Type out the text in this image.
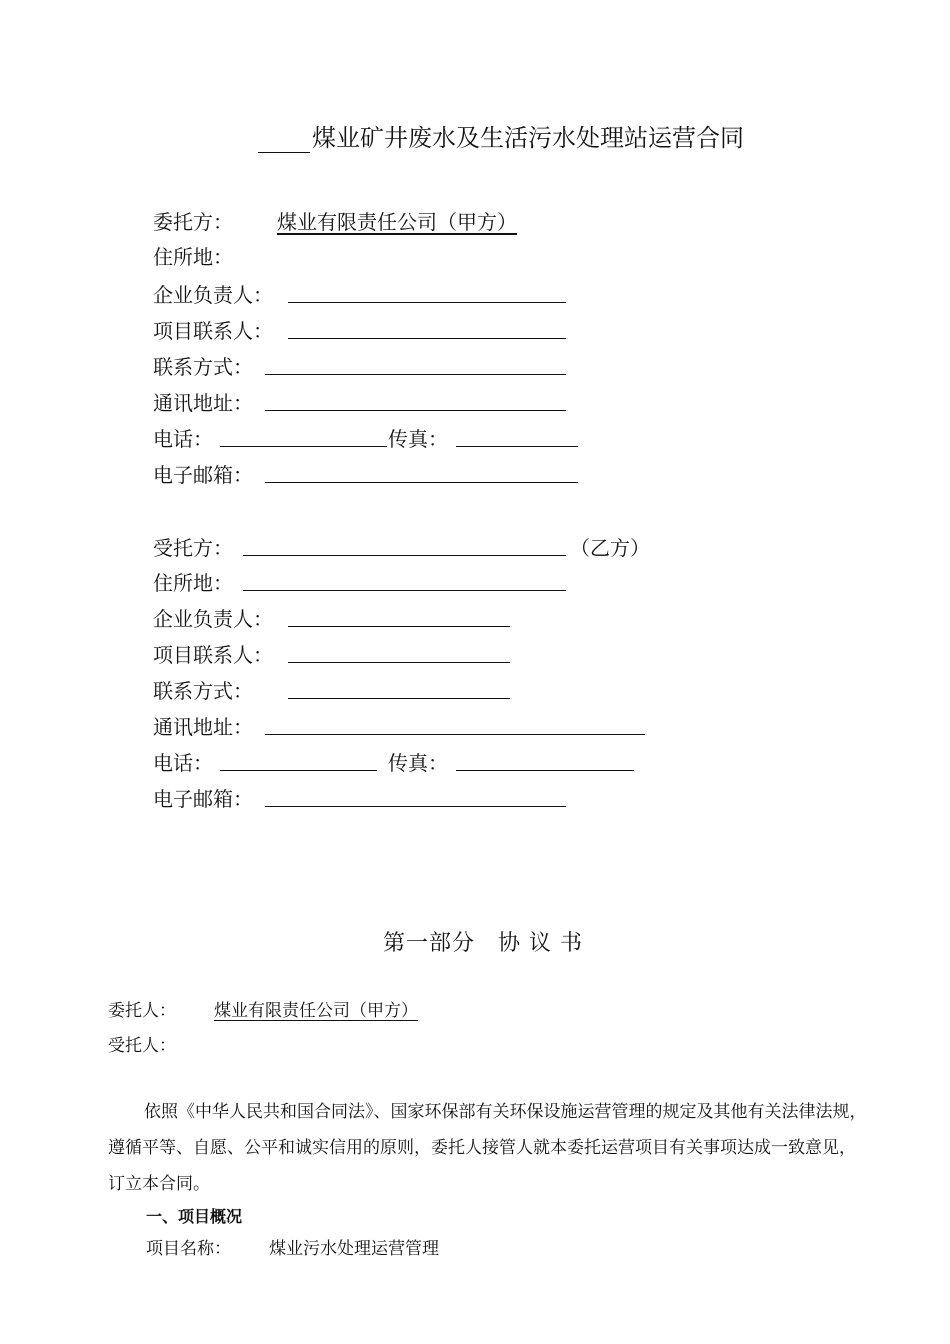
煤业矿井废水及生活污水处理站运营合同
委托方： 煤业有限责任公司（甲方）
住所地：
企业负责人：
项目联系人：
联系方式：
通讯地址：
电话：	传真：
电子邮箱：
受托方：	（乙方）
住所地：
企业负责人：
项目联系人：
联系方式：
通讯地址：
电话：	传真：
电子邮箱：
第一部分　协 议 书
委托人： 煤业有限责任公司（甲方）
受托人：
依照《中华人民共和国合同法》、国家环保部有关环保设施运营管理的规定及其他有关法律法规，遵循平等、自愿、公平和诚实信用的原则，委托人接管人就本委托运营项目有关事项达成一致意见，订立本合同。
一、项目概况
项目名称： 煤业污水处理运营管理
